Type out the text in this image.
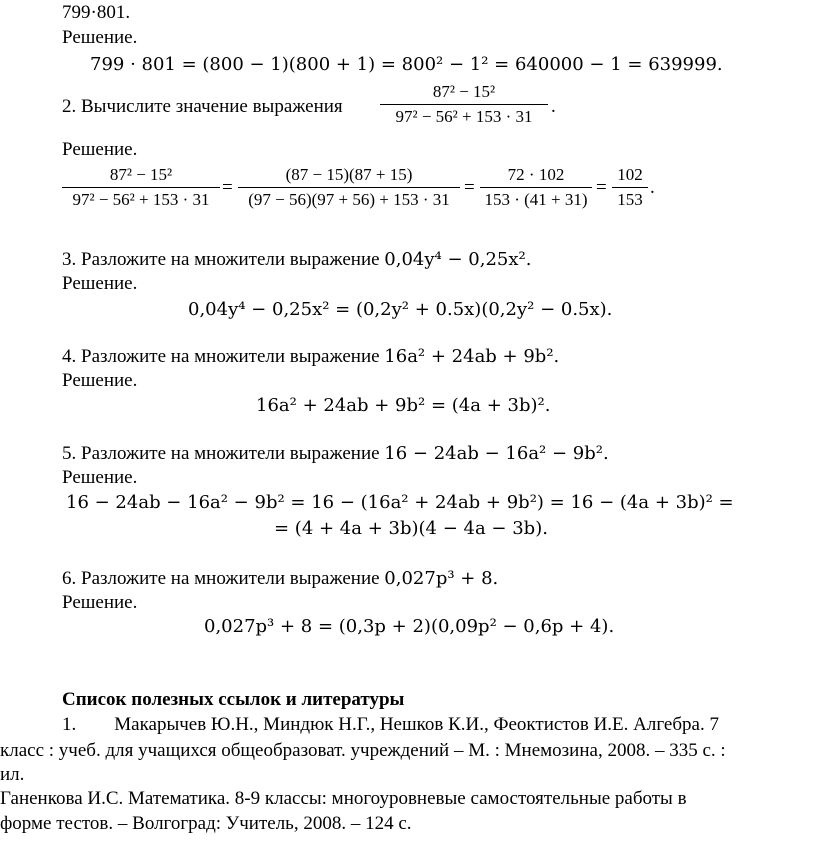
799·801.
Решение.
799 · 801 = (800 − 1)(800 + 1) = 800² − 1² = 640000 − 1 = 639999.
2. Вычислите значение выражения
87² − 15²
97² − 56² + 153 · 31 .
Решение.
87² − 15²
97² − 56² + 153 · 31
=
(87 − 15)(87 + 15)
(97 − 56)(97 + 56) + 153 · 31
=
72 · 102
153 · (41 + 31)
=
102
153
.
3. Разложите на множители выражение 0,04y⁴ − 0,25x².
Решение.
0,04y⁴ − 0,25x² = (0,2y² + 0.5x)(0,2y² − 0.5x).
4. Разложите на множители выражение 16a² + 24ab + 9b².
Решение.
16a² + 24ab + 9b² = (4a + 3b)².
5. Разложите на множители выражение 16 − 24ab − 16a² − 9b².
Решение.
16 − 24ab − 16a² − 9b² = 16 − (16a² + 24ab + 9b²) = 16 − (4a + 3b)² =
= (4 + 4a + 3b)(4 − 4a − 3b).
6. Разложите на множители выражение 0,027p³ + 8.
Решение.
0,027p³ + 8 = (0,3p + 2)(0,09p² − 0,6p + 4).
Список полезных ссылок и литературы
1.        Макарычев Ю.Н., Миндюк Н.Г., Нешков К.И., Феоктистов И.Е. Алгебра. 7
класс : учеб. для учащихся общеобразоват. учреждений – М. : Мнемозина, 2008. – 335 с. :
ил.
Ганенкова И.С. Математика. 8-9 классы: многоуровневые самостоятельные работы в
форме тестов. – Волгоград: Учитель, 2008. – 124 с.
